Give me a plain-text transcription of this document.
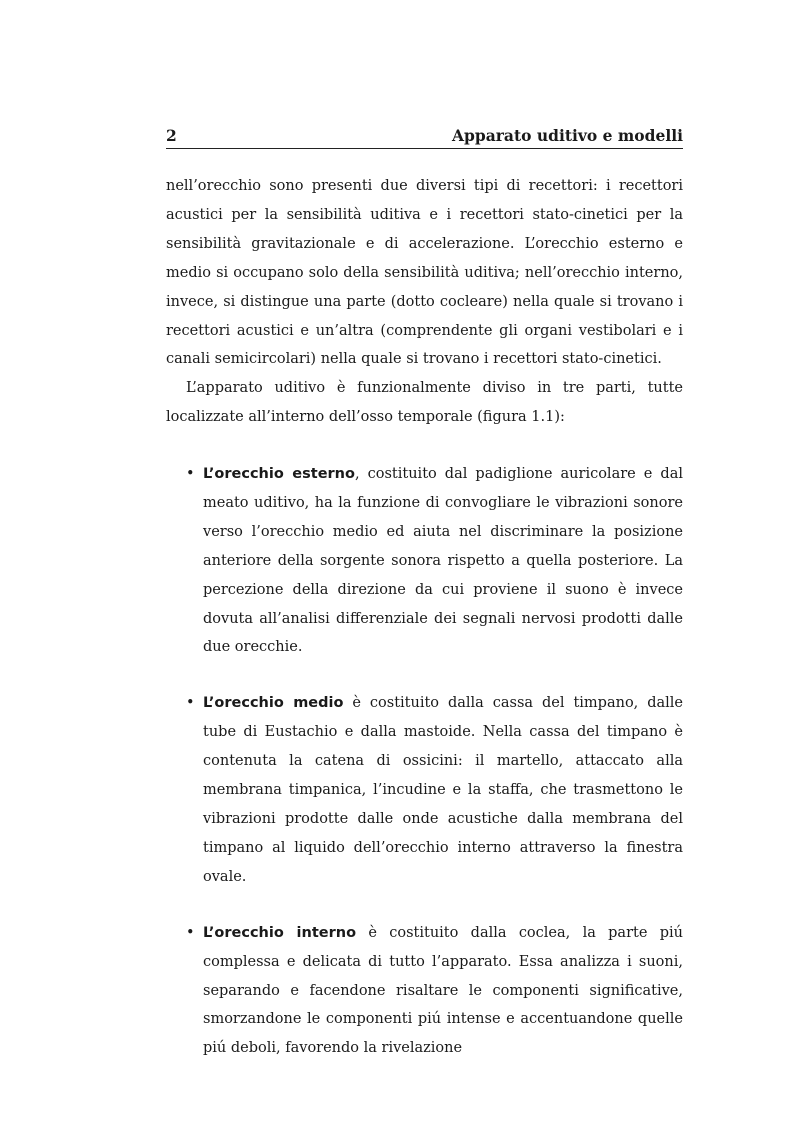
2	Apparato uditivo e modelli

nell’orecchio sono presenti due diversi tipi di recettori: i recettori acustici per la sensibilità uditiva e i recettori stato-cinetici per la sensibilità gravitazionale e di accelerazione. L’orecchio esterno e medio si occupano solo della sensibilità uditiva; nell’orecchio interno, invece, si distingue una parte (dotto cocleare) nella quale si trovano i recettori acustici e un’altra (comprendente gli organi vestibolari e i canali semicircolari) nella quale si trovano i recettori stato-cinetici.

L’apparato uditivo è funzionalmente diviso in tre parti, tutte localizzate all’interno dell’osso temporale (figura 1.1):

• L’orecchio esterno, costituito dal padiglione auricolare e dal meato uditivo, ha la funzione di convogliare le vibrazioni sonore verso l’orecchio medio ed aiuta nel discriminare la posizione anteriore della sorgente sonora rispetto a quella posteriore. La percezione della direzione da cui proviene il suono è invece dovuta all’analisi differenziale dei segnali nervosi prodotti dalle due orecchie.
• L’orecchio medio è costituito dalla cassa del timpano, dalle tube di Eustachio e dalla mastoide. Nella cassa del timpano è contenuta la catena di ossicini: il martello, attaccato alla membrana timpanica, l’incudine e la staffa, che trasmettono le vibrazioni prodotte dalle onde acustiche dalla membrana del timpano al liquido dell’orecchio interno attraverso la finestra ovale.
• L’orecchio interno è costituito dalla coclea, la parte piú complessa e delicata di tutto l’apparato. Essa analizza i suoni, separando e facendone risaltare le componenti significative, smorzandone le componenti piú intense e accentuandone quelle piú deboli, favorendo la rivelazione
